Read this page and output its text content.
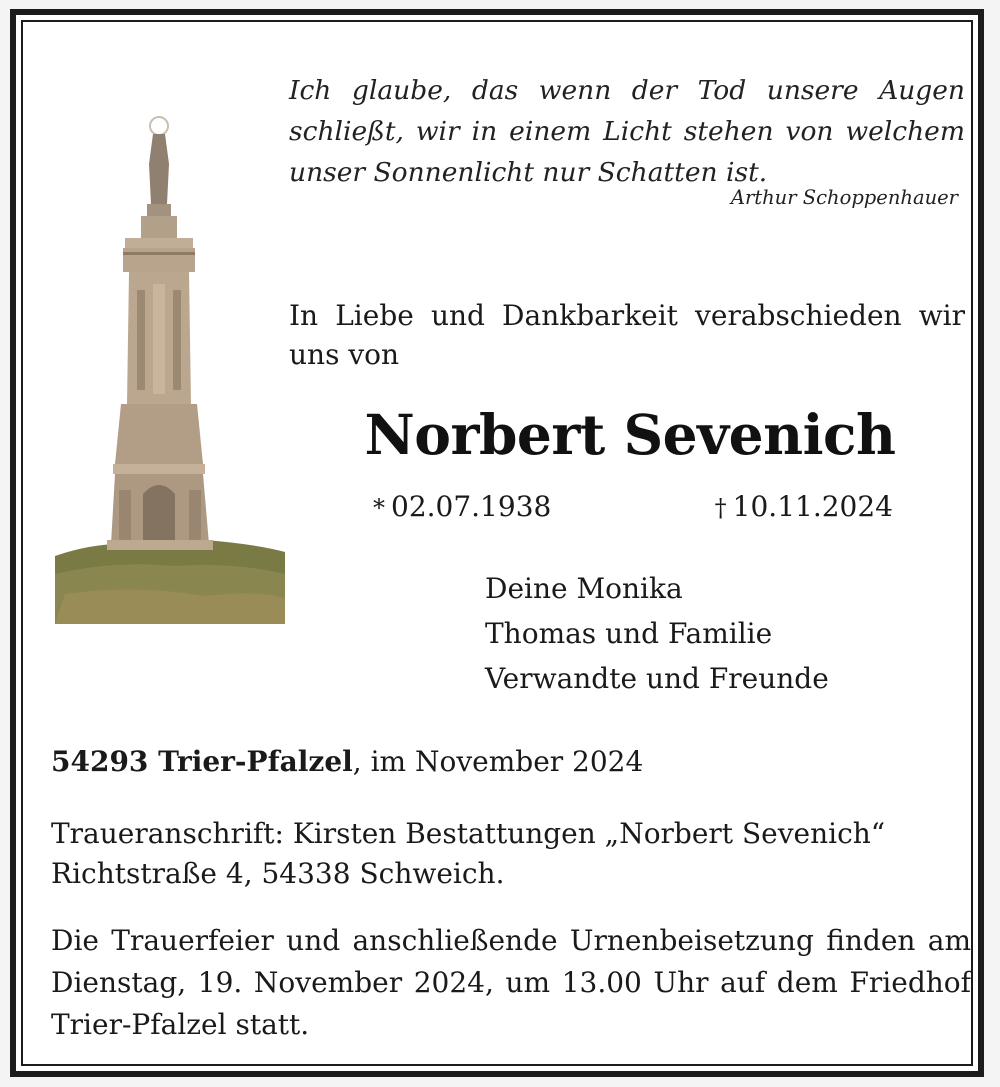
Ich glaube, das wenn der Tod unsere Augen schließt, wir in einem Licht stehen von welchem unser Sonnenlicht nur Schatten ist.
Arthur Schoppenhauer
In Liebe und Dankbarkeit verabschieden wir uns von
Norbert Sevenich
* 02.07.1938	† 10.11.2024
Deine Monika
Thomas und Familie
Verwandte und Freunde
54293 Trier-Pfalzel, im November 2024
Traueranschrift: Kirsten Bestattungen „Norbert Sevenich“
Richtstraße 4, 54338 Schweich.
Die Trauerfeier und anschließende Urnenbeisetzung finden am Dienstag, 19. November 2024, um 13.00 Uhr auf dem Friedhof Trier-Pfalzel statt.
